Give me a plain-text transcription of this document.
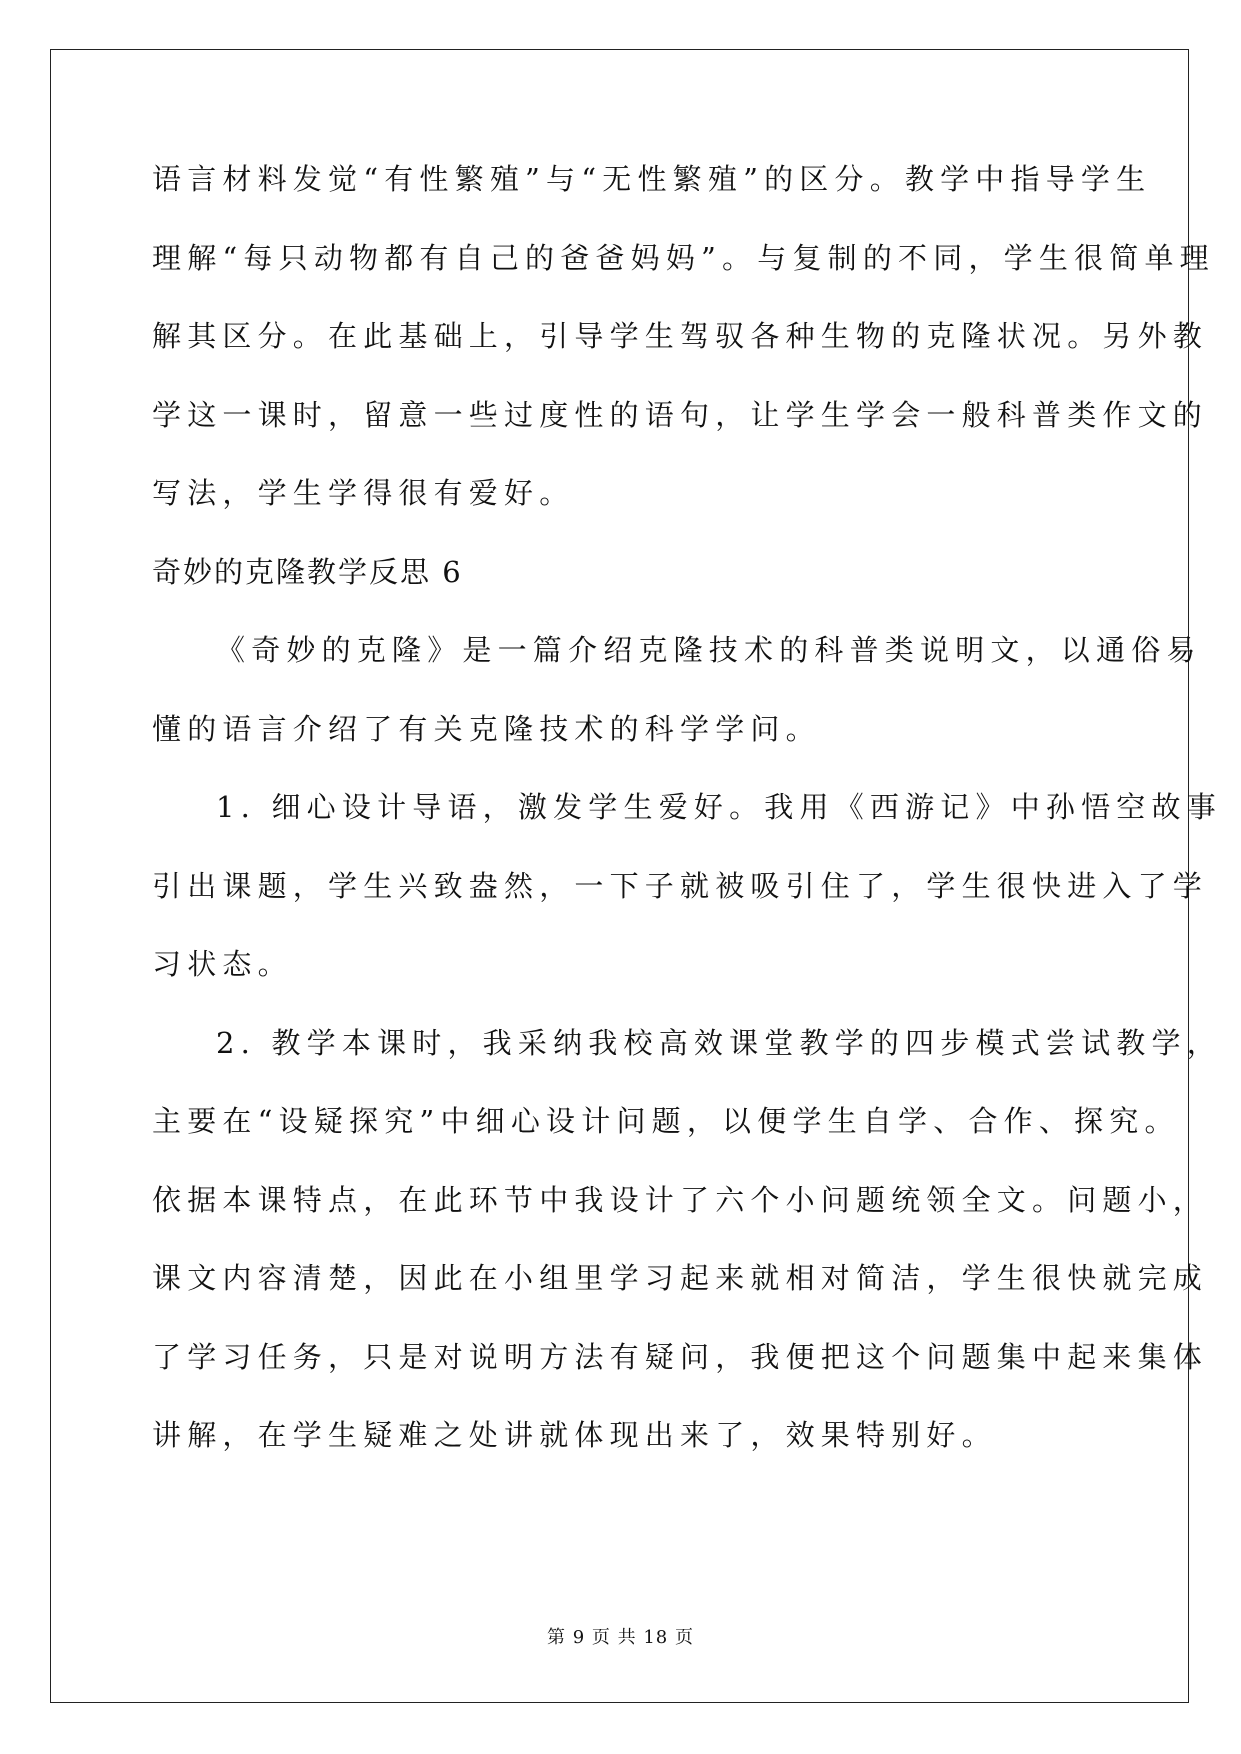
语言材料发觉“有性繁殖”与“无性繁殖”的区分。教学中指导学生
理解“每只动物都有自己的爸爸妈妈”。与复制的不同，学生很简单理
解其区分。在此基础上，引导学生驾驭各种生物的克隆状况。另外教
学这一课时，留意一些过度性的语句，让学生学会一般科普类作文的
写法，学生学得很有爱好。
奇妙的克隆教学反思 6
《奇妙的克隆》是一篇介绍克隆技术的科普类说明文，以通俗易
懂的语言介绍了有关克隆技术的科学学问。
1. 细心设计导语，激发学生爱好。我用《西游记》中孙悟空故事
引出课题，学生兴致盎然，一下子就被吸引住了，学生很快进入了学
习状态。
2. 教学本课时，我采纳我校高效课堂教学的四步模式尝试教学，
主要在“设疑探究”中细心设计问题，以便学生自学、合作、探究。
依据本课特点，在此环节中我设计了六个小问题统领全文。问题小，
课文内容清楚，因此在小组里学习起来就相对简洁，学生很快就完成
了学习任务，只是对说明方法有疑问，我便把这个问题集中起来集体
讲解，在学生疑难之处讲就体现出来了，效果特别好。
第 9 页 共 18 页
